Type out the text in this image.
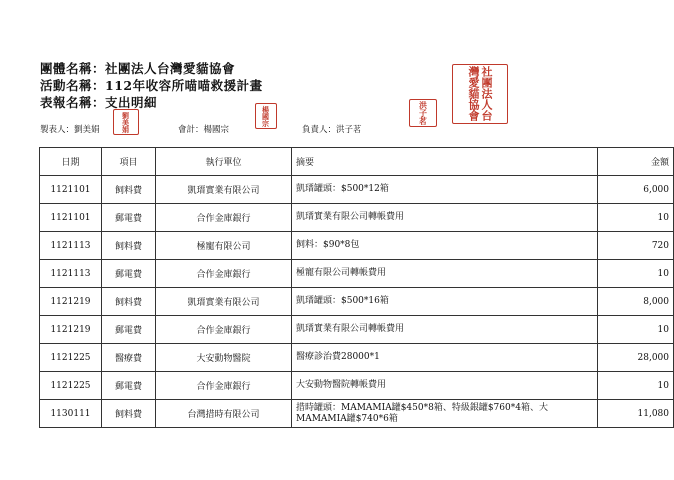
團體名稱：社團法人台灣愛貓協會
活動名稱：112年收容所喵喵救援計畫
表報名稱：支出明細
製表人：劉美娟	劉美娟	會計：楊國宗
楊國宗
負責人：洪子茗
洪子茗	社團法人台灣愛貓協會
日期	項目	執行單位	摘要	金額
1121101	飼料費	凱瑨實業有限公司	凱瑨罐頭：$500*12箱	6,000
1121101	郵電費	合作金庫銀行	凱瑨實業有限公司轉帳費用	10
1121113	飼料費	極寵有限公司	飼料：$90*8包	720
1121113	郵電費	合作金庫銀行	極寵有限公司轉帳費用	10
1121219	飼料費	凱瑨實業有限公司	凱瑨罐頭：$500*16箱	8,000
1121219	郵電費	合作金庫銀行	凱瑨實業有限公司轉帳費用	10
1121225	醫療費	大安動物醫院	醫療診治費28000*1	28,000
1121225	郵電費	合作金庫銀行	大安動物醫院轉帳費用	10
1130111	飼料費	台灣措時有限公司	措時罐頭：MAMAMIA罐$450*8箱、特級銀罐$760*4箱、大MAMAMIA罐$740*6箱	11,080
